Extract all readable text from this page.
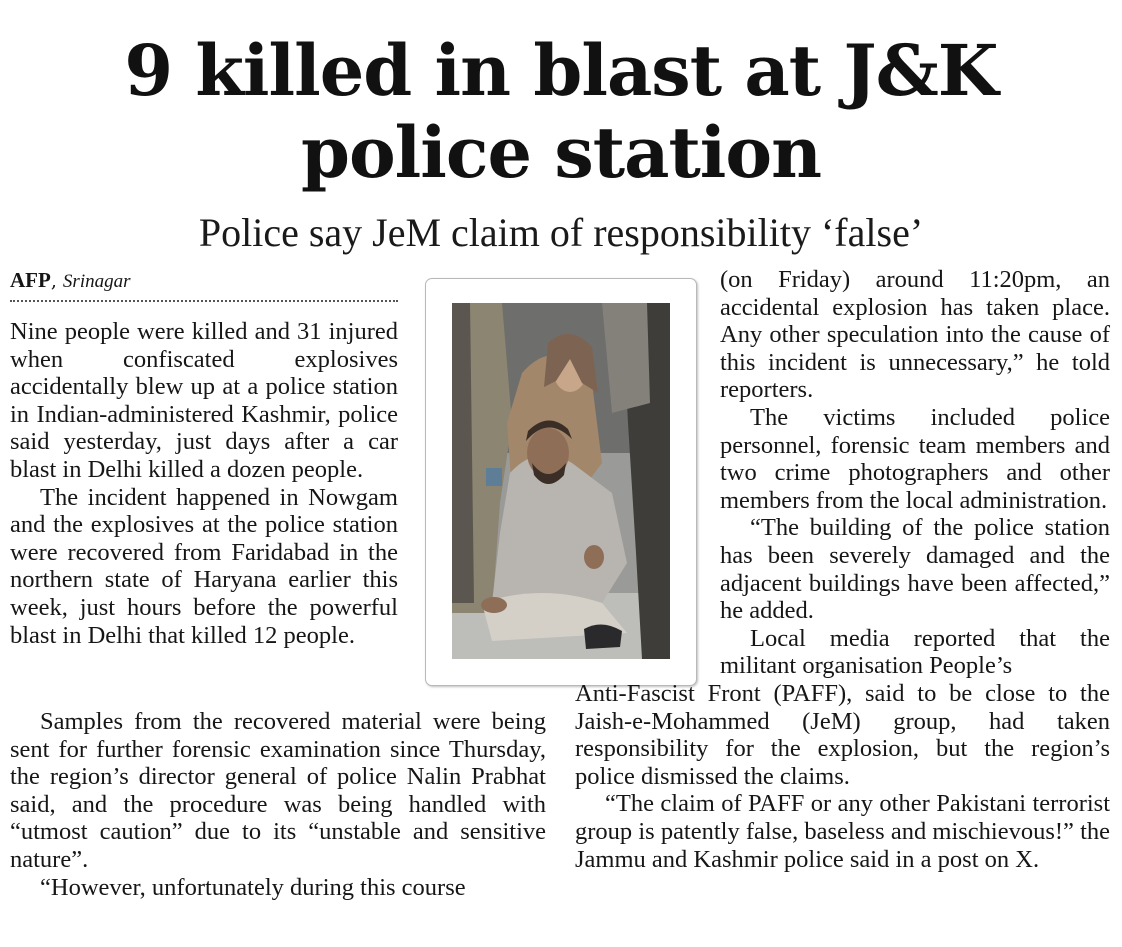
9 killed in blast at J&K
police station
Police say JeM claim of responsibility ‘false’
AFP, Srinagar

Nine people were killed and 31 injured when confiscated explosives accidentally blew up at a police station in Indian-administered Kashmir, police said yesterday, just days after a car blast in Delhi killed a dozen people.

The incident happened in Nowgam and the explosives at the police station were recovered from Faridabad in the northern state of Haryana earlier this week, just hours before the powerful blast in Delhi that killed 12 people.

Samples from the recovered material were being sent for further forensic examination since Thursday, the region’s director general of police Nalin Prabhat said, and the procedure was being handled with “utmost caution” due to its “unstable and sensitive nature”.

“However, unfortunately during this course

(on Friday) around 11:20pm, an accidental explosion has taken place. Any other speculation into the cause of this incident is unnecessary,” he told reporters.

The victims included police personnel, forensic team members and two crime photographers and other members from the local administration.

“The building of the police station has been severely damaged and the adjacent buildings have been affected,” he added.

Local media reported that the militant organisation People’s

Anti-Fascist Front (PAFF), said to be close to the Jaish-e-Mohammed (JeM) group, had taken responsibility for the explosion, but the region’s police dismissed the claims.

“The claim of PAFF or any other Pakistani terrorist group is patently false, baseless and mischievous!” the Jammu and Kashmir police said in a post on X.
